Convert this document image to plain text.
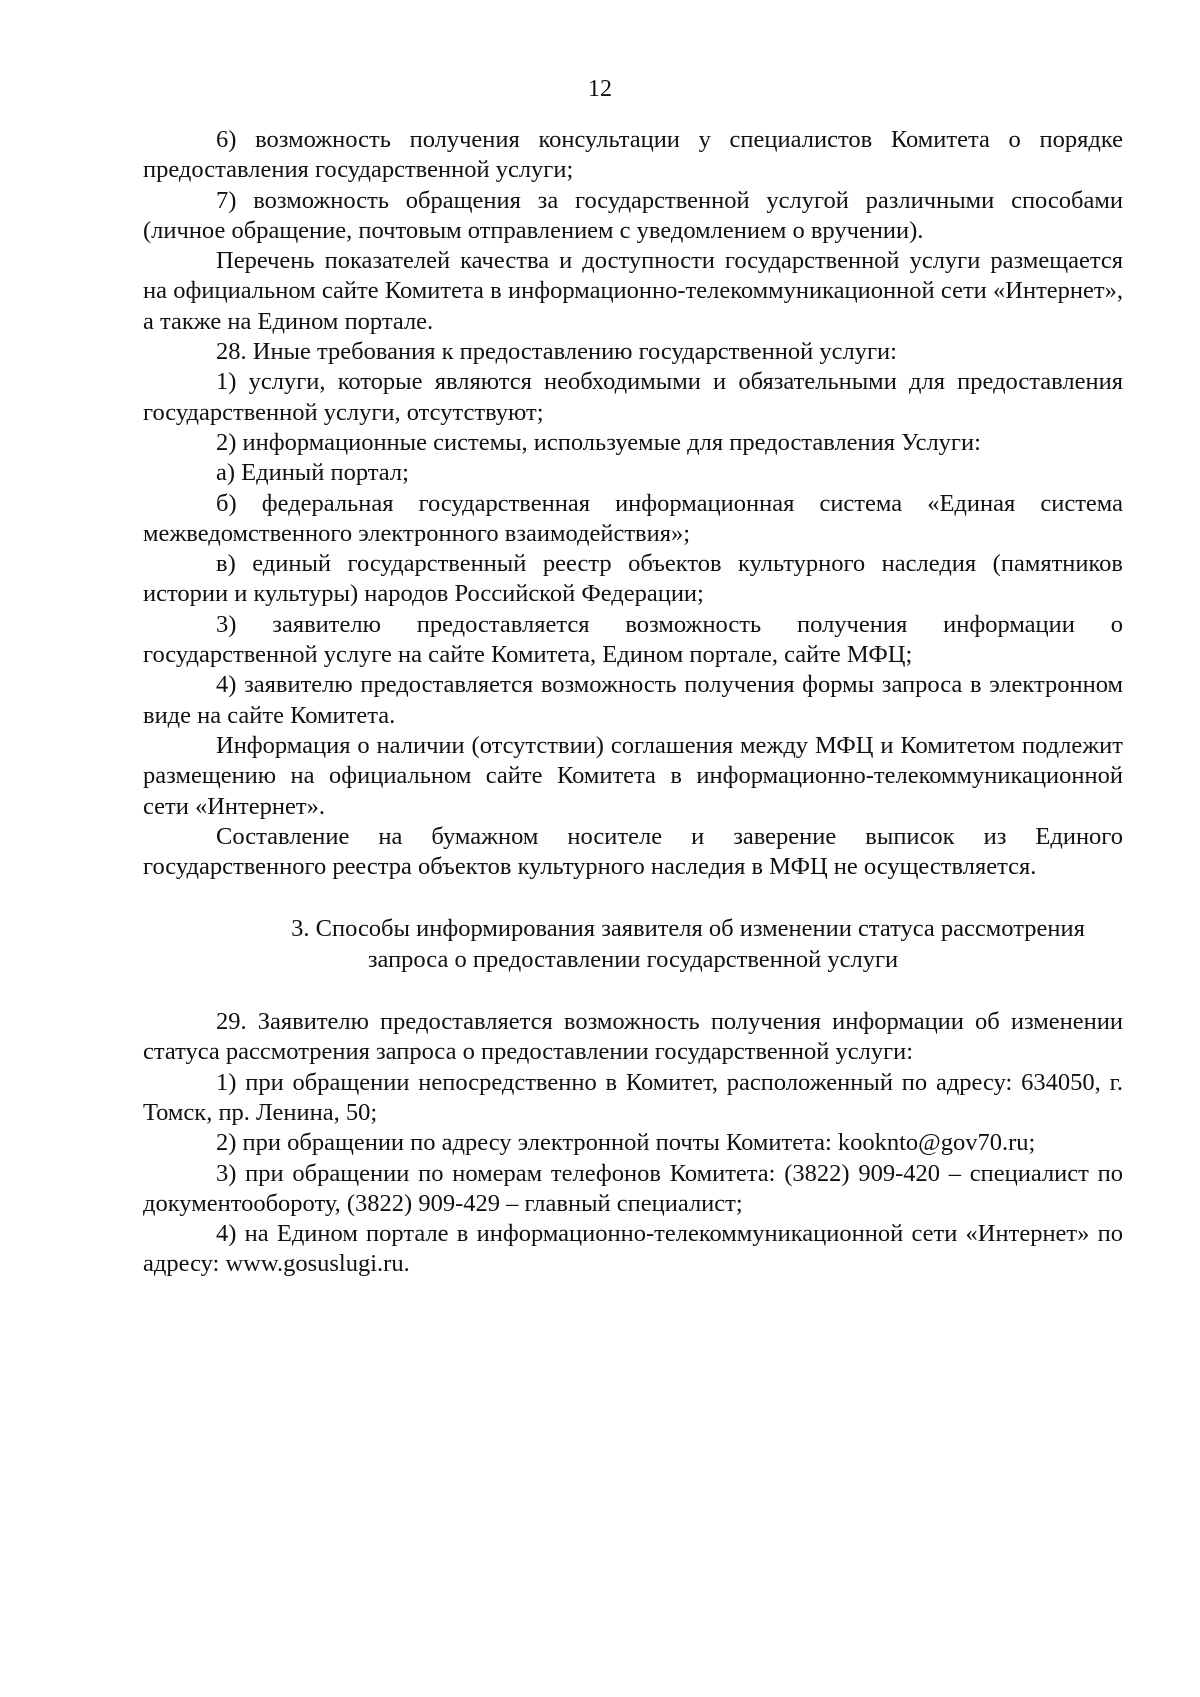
12

6) возможность получения консультации у специалистов Комитета о порядке предоставления государственной услуги;

7) возможность обращения за государственной услугой различными способами (личное обращение, почтовым отправлением с уведомлением о вручении).

Перечень показателей качества и доступности государственной услуги размещается на официальном сайте Комитета в информационно-телекоммуникационной сети «Интернет», а также на Едином портале.

28. Иные требования к предоставлению государственной услуги:

1) услуги, которые являются необходимыми и обязательными для предоставления государственной услуги, отсутствуют;

2) информационные системы, используемые для предоставления Услуги:

а) Единый портал;

б) федеральная государственная информационная система «Единая система межведомственного электронного взаимодействия»;

в) единый государственный реестр объектов культурного наследия (памятников истории и культуры) народов Российской Федерации;

3) заявителю предоставляется возможность получения информации о государственной услуге на сайте Комитета, Едином портале, сайте МФЦ;

4) заявителю предоставляется возможность получения формы запроса в электронном виде на сайте Комитета.

Информация о наличии (отсутствии) соглашения между МФЦ и Комитетом подлежит размещению на официальном сайте Комитета в информационно-телекоммуникационной сети «Интернет».

Составление на бумажном носителе и заверение выписок из Единого государственного реестра объектов культурного наследия в МФЦ не осуществляется.

3. Способы информирования заявителя об изменении статуса рассмотрения
запроса о предоставлении государственной услуги

29. Заявителю предоставляется возможность получения информации об изменении статуса рассмотрения запроса о предоставлении государственной услуги:

1) при обращении непосредственно в Комитет, расположенный по адресу: 634050, г. Томск, пр. Ленина, 50;

2) при обращении по адресу электронной почты Комитета: kooknto@gov70.ru;

3) при обращении по номерам телефонов Комитета: (3822) 909-420 – специалист по документообороту, (3822) 909-429 – главный специалист;

4) на Едином портале в информационно-телекоммуникационной сети «Интернет» по адресу: www.gosuslugi.ru.
